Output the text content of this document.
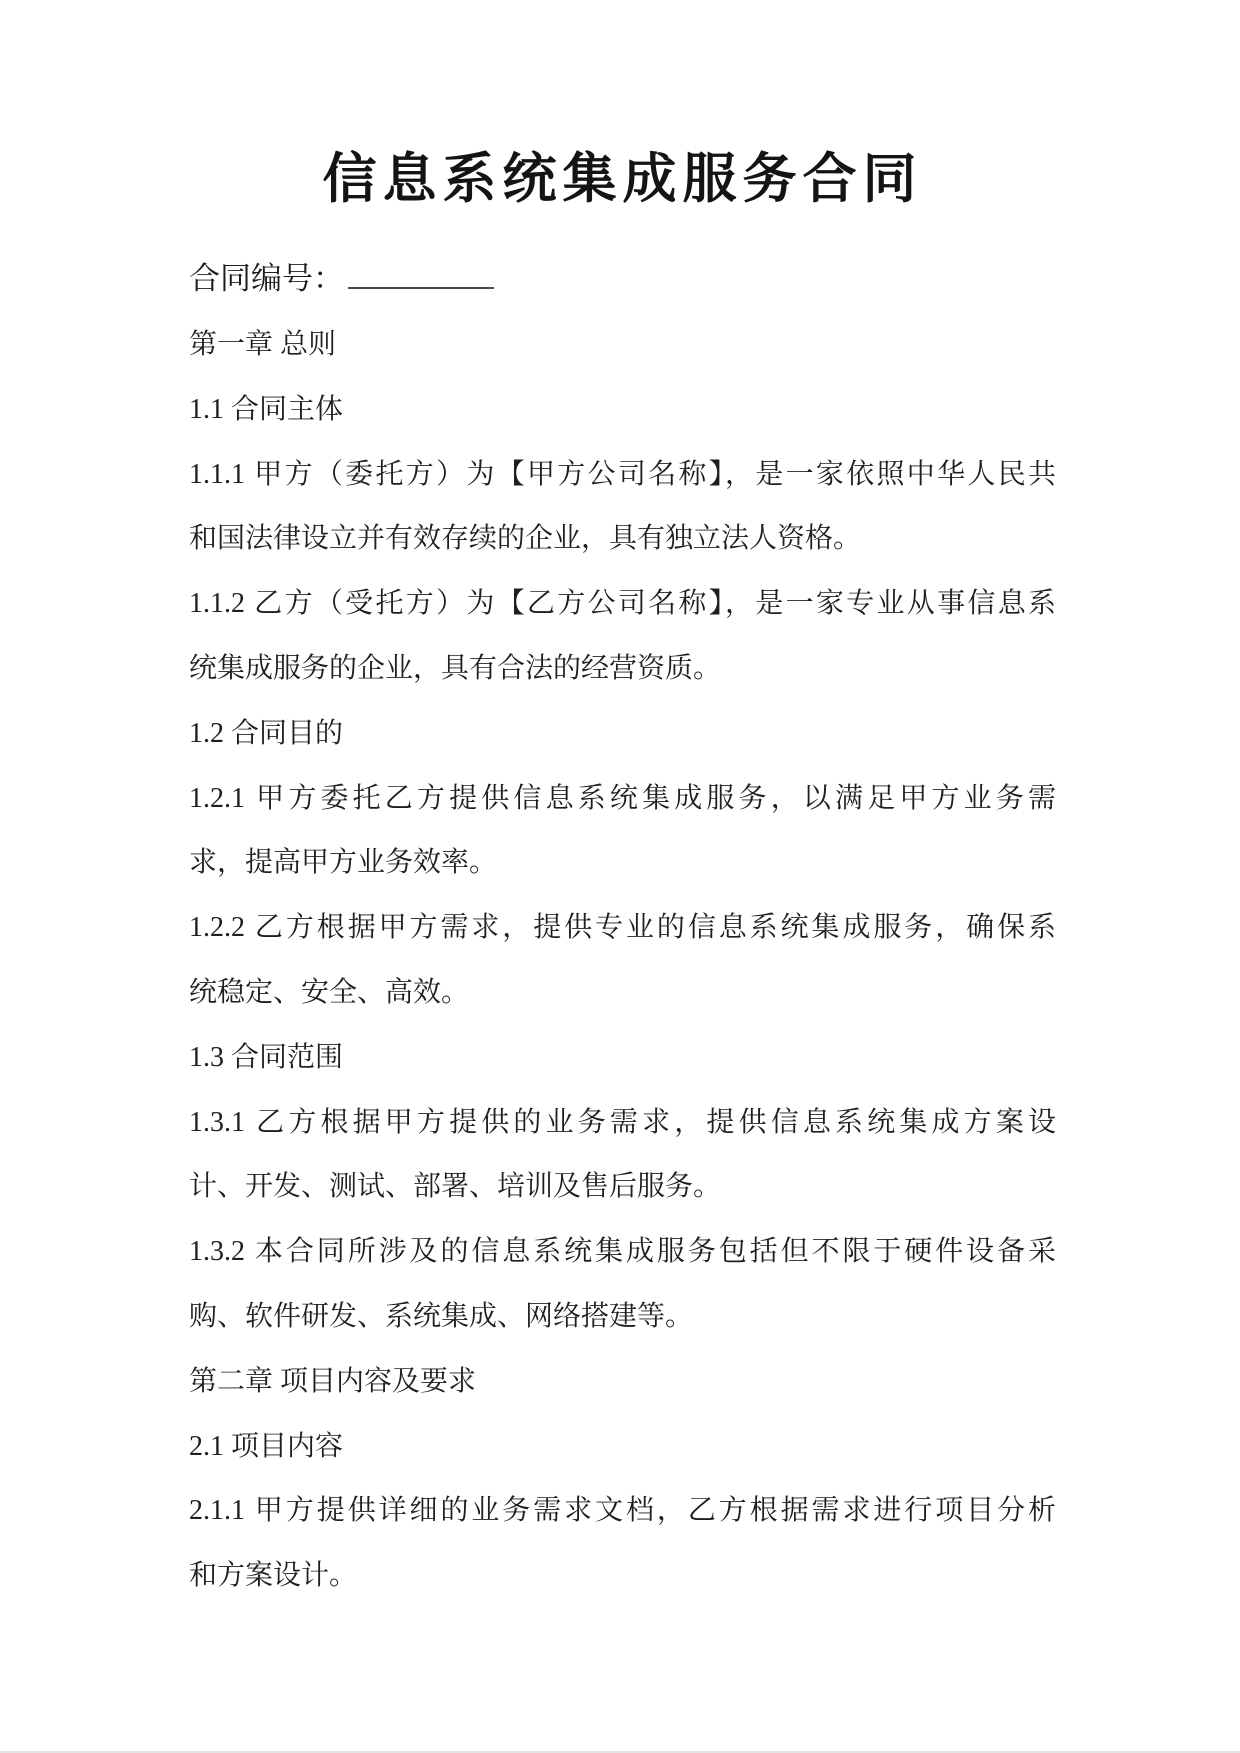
信息系统集成服务合同
合同编号：
第一章 总则
1.1 合同主体
1.1.1 甲方（委托方）为【甲方公司名称】，是一家依照中华人民共
和国法律设立并有效存续的企业，具有独立法人资格。
1.1.2 乙方（受托方）为【乙方公司名称】，是一家专业从事信息系
统集成服务的企业，具有合法的经营资质。
1.2 合同目的
1.2.1 甲方委托乙方提供信息系统集成服务，以满足甲方业务需
求，提高甲方业务效率。
1.2.2 乙方根据甲方需求，提供专业的信息系统集成服务，确保系
统稳定、安全、高效。
1.3 合同范围
1.3.1 乙方根据甲方提供的业务需求，提供信息系统集成方案设
计、开发、测试、部署、培训及售后服务。
1.3.2 本合同所涉及的信息系统集成服务包括但不限于硬件设备采
购、软件研发、系统集成、网络搭建等。
第二章 项目内容及要求
2.1 项目内容
2.1.1 甲方提供详细的业务需求文档，乙方根据需求进行项目分析
和方案设计。
